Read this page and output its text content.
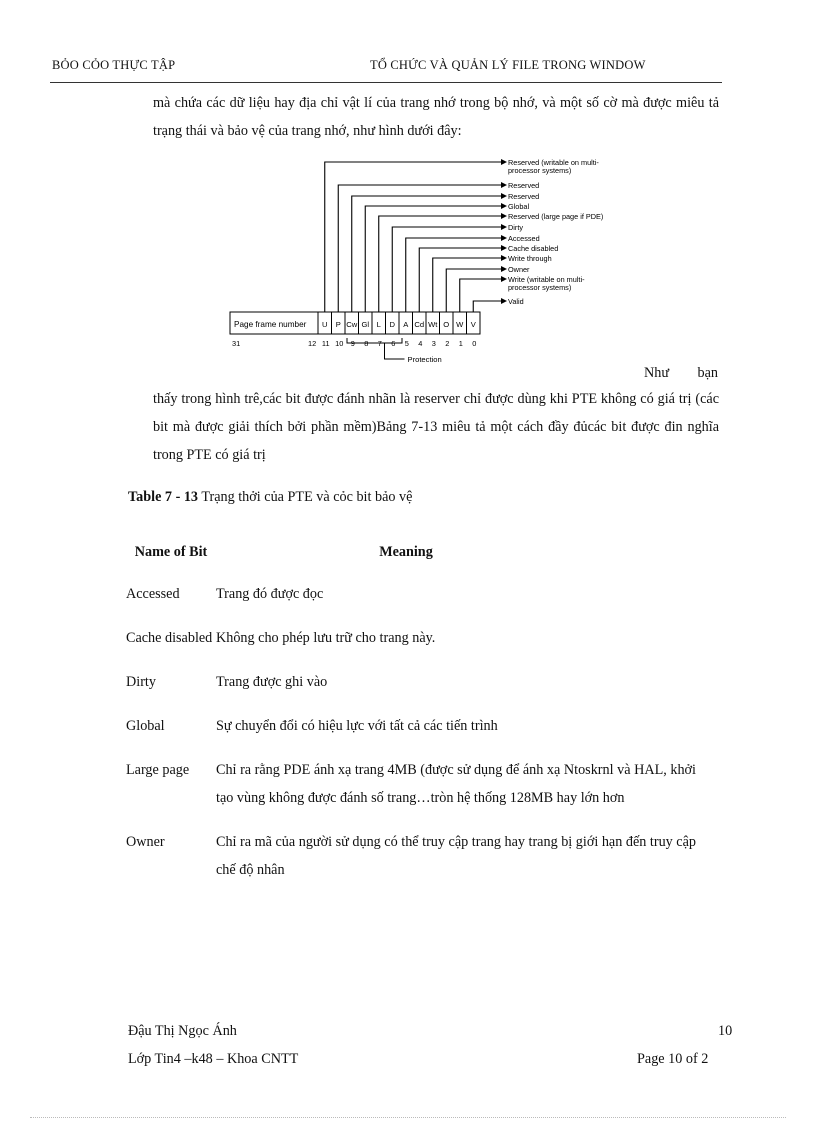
BỎO CỎO THỰC TẬP	TỔ CHỨC VÀ QUẢN LÝ FILE TRONG WINDOW
mà chứa các dữ liệu hay địa chỉ vật lí của trang nhớ trong bộ nhớ, và một số cờ mà được miêu tả trạng thái và bảo vệ của trang nhớ, như hình dưới đây:
Page frame number U P Cw Gl L D A Cd Wt O W V
31	12 11 10 9 8 7 6 5 4 3 2 1 0
Protection
Reserved (writable on multi-
processor systems)
Reserved
Reserved
Global
Reserved (large page if PDE)
Dirty
Accessed
Cache disabled
Write through
Owner
Write (writable on multi-
processor systems)
Valid
Như bạn
thấy trong hình trê,các bit được đánh nhãn là reserver chỉ được dùng khi PTE không có giá trị (các bit mà được giải thích bởi phần mềm)Bảng 7-13 miêu tả một cách đầy đủcác bit được đin nghĩa trong PTE có giá trị
Table 7 - 13 Trạng thởi của PTE và cỏc bit bảo vệ
Name of Bit	Meaning
Accessed	Trang đó được đọc
Cache disabled	Không cho phép lưu trữ cho trang này.
Dirty	Trang được ghi vào
Global	Sự chuyển đổi có hiệu lực với tất cả các tiến trình
Large page	Chỉ ra rằng PDE ánh xạ trang 4MB (được sử dụng để ánh xạ Ntoskrnl và HAL, khởi tạo vùng không được đánh số trang…tròn hệ thống 128MB hay lớn hơn
Owner	Chỉ ra mã của người sử dụng có thể truy cập trang hay trang bị giới hạn đến truy cập chế độ nhân
Đậu Thị Ngọc Ánh	10
Lớp Tin4 –k48 – Khoa CNTT	Page 10 of 2
